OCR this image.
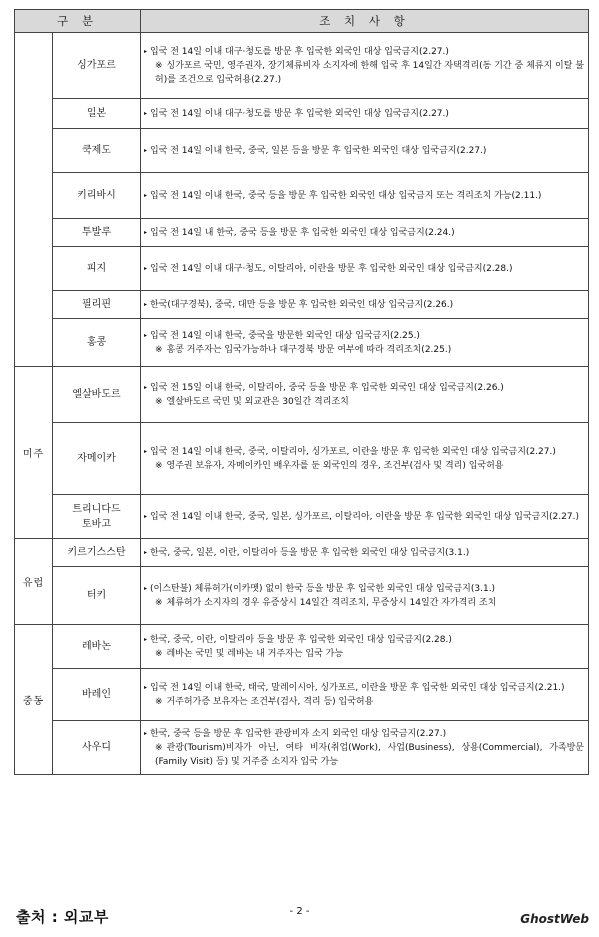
구 분		조 치 사 항
	싱가포르	▸ 입국 전 14일 이내 대구·청도를 방문 후 입국한 외국인 대상 입국금지(2.27.)
※ 싱가포르 국민, 영주권자, 장기체류비자 소지자에 한해 입국 후 14일간 자택격리(동 기간 중 체류지 이탈 불허)를 조건으로 입국허용(2.27.)

	일본	▸ 입국 전 14일 이내 대구·청도를 방문 후 입국한 외국인 대상 입국금지(2.27.)

	쿡제도	▸ 입국 전 14일 이내 한국, 중국, 일본 등을 방문 후 입국한 외국인 대상 입국금지(2.27.)

	키리바시	▸ 입국 전 14일 이내 한국, 중국 등을 방문 후 입국한 외국인 대상 입국금지 또는 격리조치 가능(2.11.)

	투발루	▸ 입국 전 14일 내 한국, 중국 등을 방문 후 입국한 외국인 대상 입국금지(2.24.)

	피지	▸ 입국 전 14일 이내 대구·청도, 이탈리아, 이란을 방문 후 입국한 외국인 대상 입국금지(2.28.)

	필리핀	▸ 한국(대구경북), 중국, 대만 등을 방문 후 입국한 외국인 대상 입국금지(2.26.)

	홍콩	▸ 입국 전 14일 이내 한국, 중국을 방문한 외국인 대상 입국금지(2.25.)
※ 홍콩 거주자는 입국가능하나 대구경북 방문 여부에 따라 격리조치(2.25.)

미주	엘살바도르	▸ 입국 전 15일 이내 한국, 이탈리아, 중국 등을 방문 후 입국한 외국인 대상 입국금지(2.26.)
※ 엘살바도르 국민 및 외교관은 30일간 격리조치

	자메이카	▸ 입국 전 14일 이내 한국, 중국, 이탈리아, 싱가포르, 이란을 방문 후 입국한 외국인 대상 입국금지(2.27.)
※ 영주권 보유자, 자메이카인 배우자를 둔 외국인의 경우, 조건부(검사 및 격리) 입국허용

	트리니다드
토바고	▸ 입국 전 14일 이내 한국, 중국, 일본, 싱가포르, 이탈리아, 이란을 방문 후 입국한 외국인 대상 입국금지(2.27.)

유럽	키르기스스탄	▸ 한국, 중국, 일본, 이란, 이탈리아 등을 방문 후 입국한 외국인 대상 입국금지(3.1.)

	터키	▸ (이스탄불) 체류허가(이카멧) 없이 한국 등을 방문 후 입국한 외국인 대상 입국금지(3.1.)
※ 체류허가 소지자의 경우 유증상시 14일간 격리조치, 무증상시 14일간 자가격리 조치

중동	레바논	▸ 한국, 중국, 이란, 이탈리아 등을 방문 후 입국한 외국인 대상 입국금지(2.28.)
※ 레바논 국민 및 레바논 내 거주자는 입국 가능

	바레인	▸ 입국 전 14일 이내 한국, 태국, 말레이시아, 싱가포르, 이란을 방문 후 입국한 외국인 대상 입국금지(2.21.)
※ 거주허가증 보유자는 조건부(검사, 격리 등) 입국허용

	사우디	▸ 한국, 중국 등을 방문 후 입국한 관광비자 소지 외국인 대상 입국금지(2.27.)
※ 관광(Tourism)비자가 아닌, 여타 비자(취업(Work), 사업(Business), 상용(Commercial), 가족방문(Family Visit) 등) 및 거주증 소지자 입국 가능
출처 : 외교부	- 2 -
GhostWeb
